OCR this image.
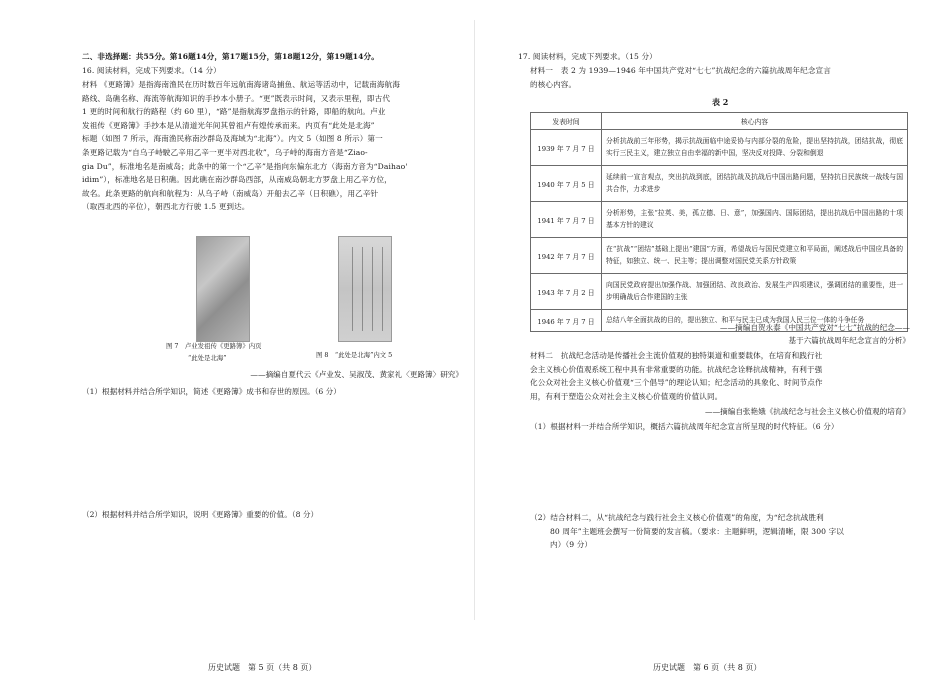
二、非选择题：共55分。第16题14分，第17题15分，第18题12分，第19题14分。

16. 阅读材料，完成下列要求。（14 分）

材料 《更路簿》是指海南渔民在历时数百年远航南海诸岛捕鱼、航运等活动中，记载南海航海

路线、岛礁名称、海流等航海知识的手抄本小册子。“更”既表示时间，又表示里程，即古代

1 更的时间和航行的路程（约 60 里），“路”是指航海罗盘指示的针路，即船的航向。卢业

发祖传《更路簿》手抄本是从清道光年间其曾祖卢有煌传承而来。内页有“此处是北海”

标题（如图 7 所示，海南渔民称南沙群岛及海域为“北海”）。内文 5（如图 8 所示）第一

条更路记载为“自乌子峙駛乙辛用乙辛一更半对西北收”，乌子峙的海南方音是“Ziao-

gia Du”，标准地名是南威岛；此条中的第一个“乙辛”是指向东偏东北方（海南方音为“Daihao'

idim”），标准地名是日积礁。因此礁在南沙群岛西部，从南威岛朝北方罗盘上用乙辛方位，

故名。此条更路的航向和航程为：从乌子峙（南威岛）开船去乙辛（日积礁），用乙辛针

（取西北西的辛位），朝西北方行驶 1.5 更到达。

图 7　卢业发祖传《更路簿》内页

“此处是北海”	图 8　“此处是北海”内文 5

——摘编自夏代云《卢业发、吴淑茂、黄家礼〈更路簿〉研究》

（1）根据材料并结合所学知识，简述《更路簿》成书和存世的原因。（6 分）

（2）根据材料并结合所学知识，说明《更路簿》重要的价值。（8 分）

历史试题　第 5 页（共 8 页）

17. 阅读材料，完成下列要求。（15 分）

材料一　表 2 为 1939—1946 年中国共产党对“七七”抗战纪念的六篇抗战周年纪念宣言

的核心内容。

表 2

发表时间	核心内容
1939 年 7 月 7 日	分析抗战前三年形势，揭示抗战面临中途妥协与内部分裂的危险，提出坚持抗战，团结抗战，彻底实行三民主义，建立独立自由幸福的新中国，坚决反对投降、分裂和倒退
1940 年 7 月 5 日	延续前一宣言观点，突出抗战到底，团结抗战及抗战后中国出路问题，坚持抗日民族统一战线与国共合作，力求进步
1941 年 7 月 7 日	分析形势，主张“拉英、美，孤立德、日、意”，加强国内、国际团结，提出抗战后中国出路的十项基本方针的建议
1942 年 7 月 7 日	在“抗战”“团结”基础上提出“建国”方面，希望战后与国民党建立和平局面，阐述战后中国应具备的特征，如独立、统一、民主等；提出调整对国民党关系方针政策
1943 年 7 月 2 日	向国民党政府提出加强作战、加强团结、改良政治、发展生产四项建议，强调团结的重要性，进一步明确战后合作建国的主张
1946 年 7 月 7 日	总结八年全面抗战的目的，提出独立、和平与民主已成为我国人民三位一体的斗争任务

——摘编自贺永泰《中国共产党对“七七”抗战的纪念——

基于六篇抗战周年纪念宣言的分析》

材料二　抗战纪念活动是传播社会主流价值观的独特渠道和重要载体，在培育和践行社

会主义核心价值观系统工程中具有非常重要的功能。抗战纪念诠释抗战精神，有利于强

化公众对社会主义核心价值观“三个倡导”的理论认知；纪念活动的具象化、时间节点作

用，有利于塑造公众对社会主义核心价值观的价值认同。

——摘编自张艳娥《抗战纪念与社会主义核心价值观的培育》

（1）根据材料一并结合所学知识，概括六篇抗战周年纪念宣言所呈现的时代特征。（6 分）

（2）结合材料二，从“抗战纪念与践行社会主义核心价值观”的角度，为“纪念抗战胜利

80 周年”主题班会撰写一份简要的发言稿。（要求：主题鲜明，逻辑清晰，限 300 字以

内）（9 分）

历史试题　第 6 页（共 8 页）
